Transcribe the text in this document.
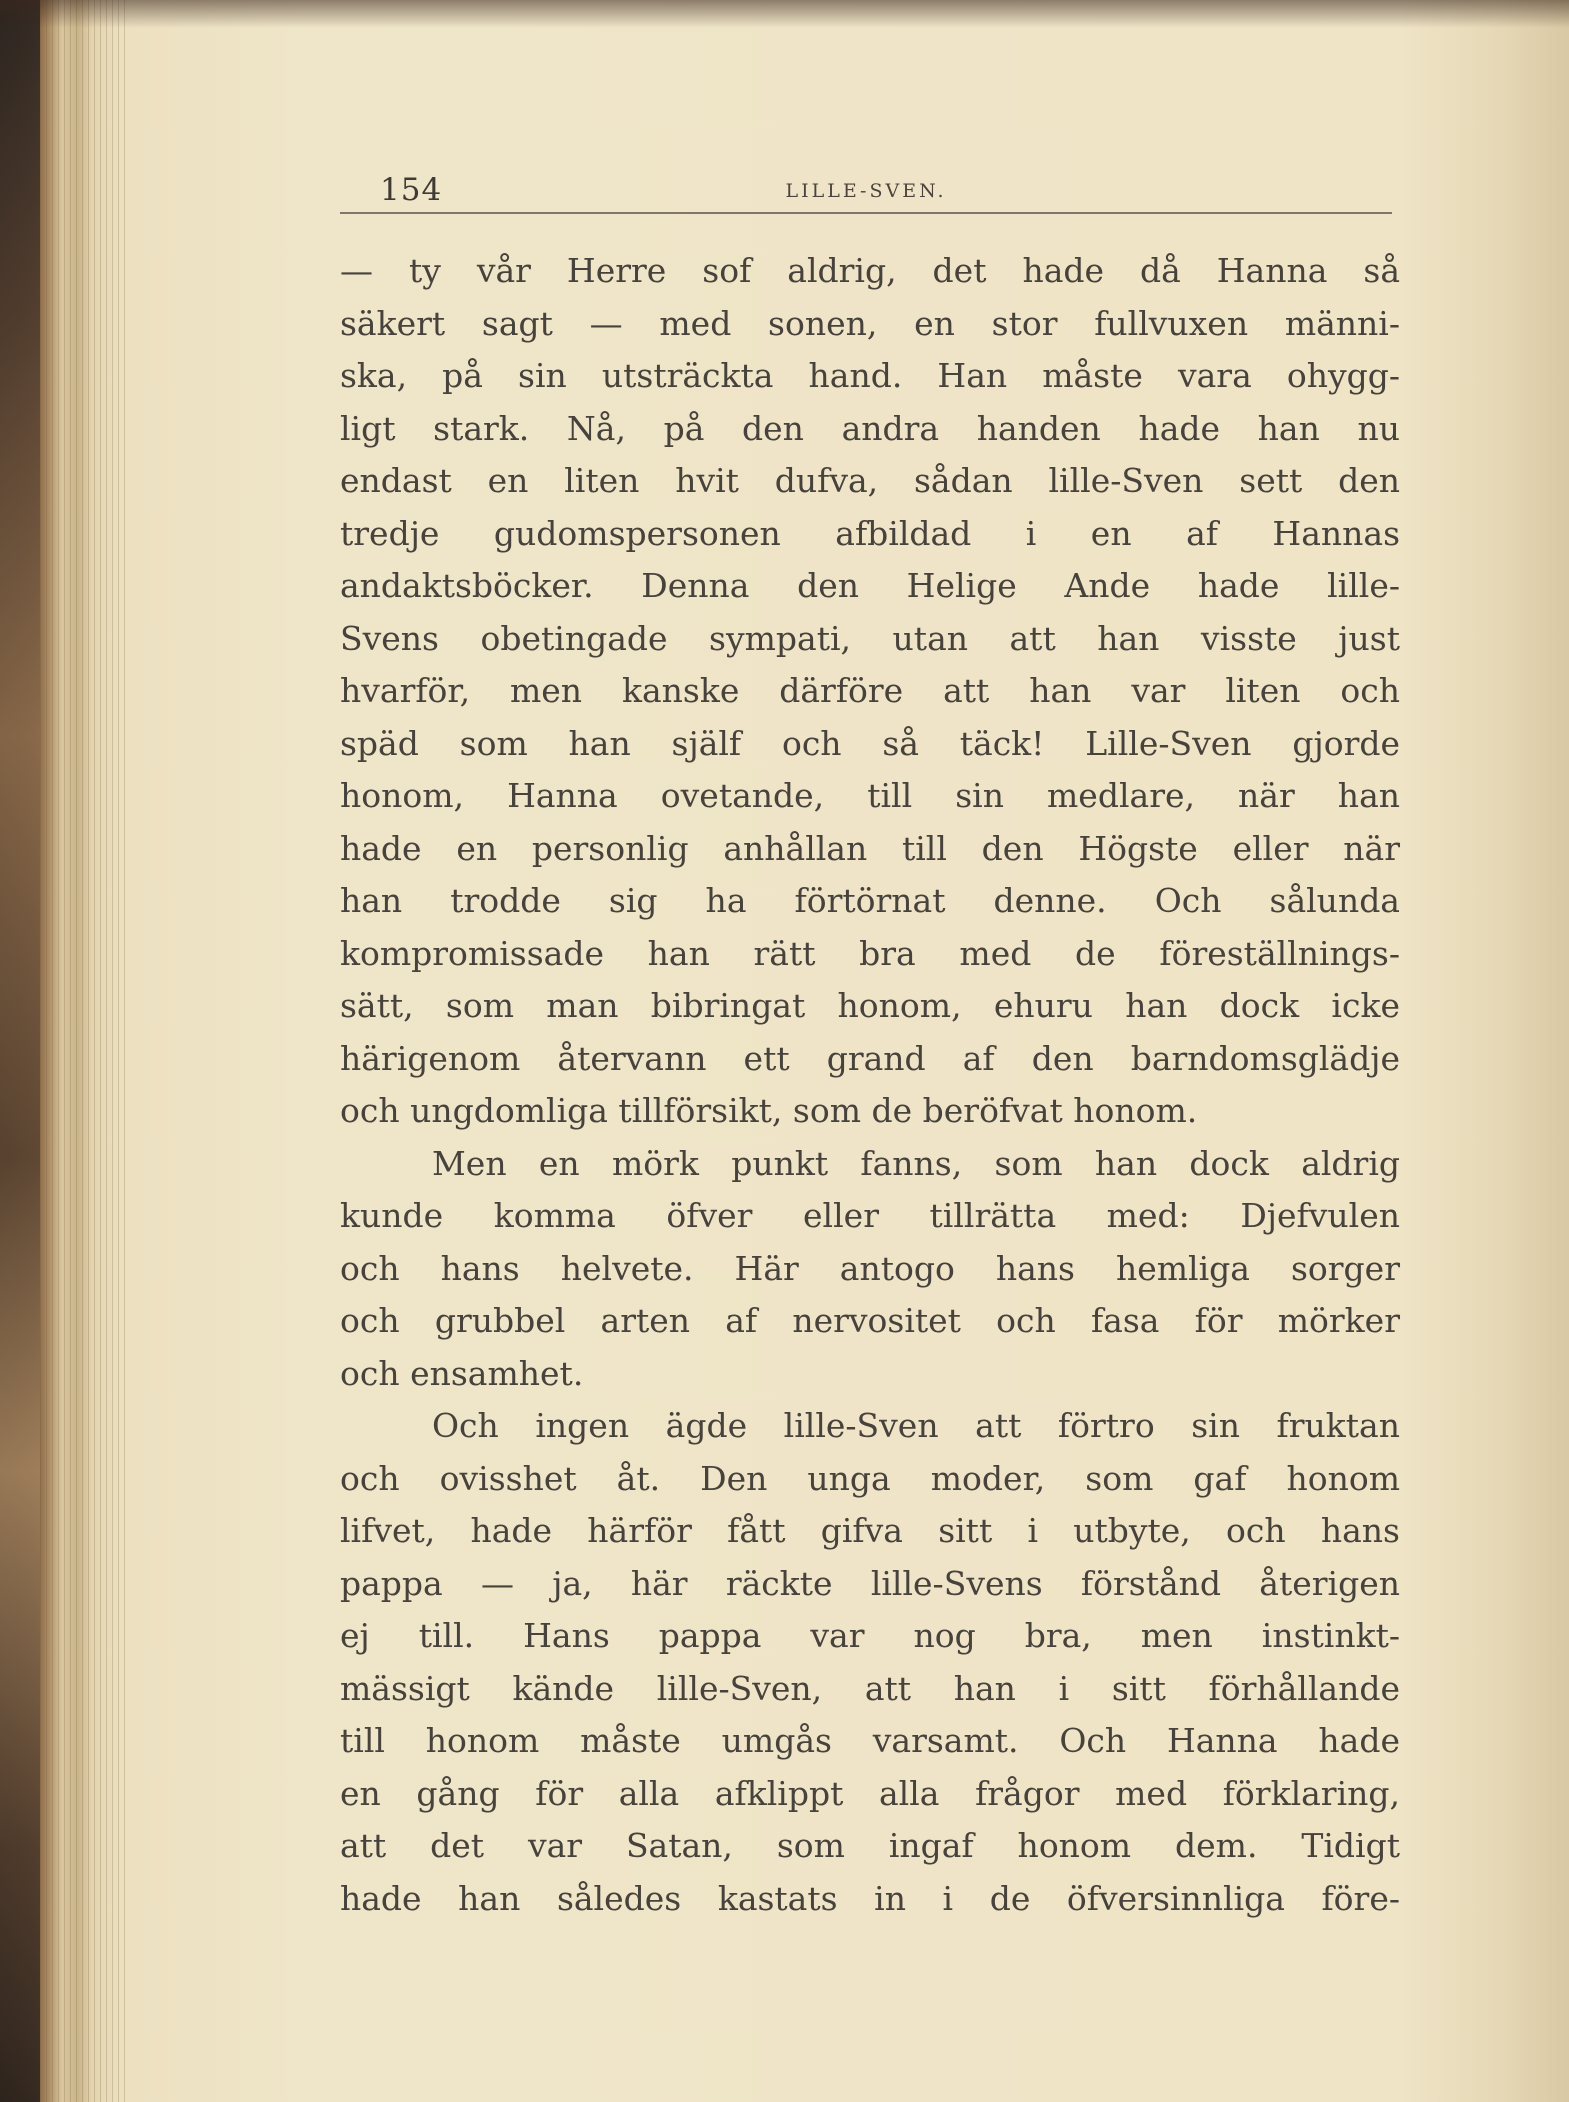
154	LILLE-SVEN.

— ty vår Herre sof aldrig, det hade då Hanna så
säkert sagt — med sonen, en stor fullvuxen männi-
ska, på sin utsträckta hand. Han måste vara ohygg-
ligt stark. Nå, på den andra handen hade han nu
endast en liten hvit dufva, sådan lille-Sven sett den
tredje gudomspersonen afbildad i en af Hannas
andaktsböcker. Denna den Helige Ande hade lille-
Svens obetingade sympati, utan att han visste just
hvarför, men kanske därföre att han var liten och
späd som han själf och så täck! Lille-Sven gjorde
honom, Hanna ovetande, till sin medlare, när han
hade en personlig anhållan till den Högste eller när
han trodde sig ha förtörnat denne. Och sålunda
kompromissade han rätt bra med de föreställnings-
sätt, som man bibringat honom, ehuru han dock icke
härigenom återvann ett grand af den barndomsglädje
och ungdomliga tillförsikt, som de beröfvat honom.

Men en mörk punkt fanns, som han dock aldrig
kunde komma öfver eller tillrätta med: Djefvulen
och hans helvete. Här antogo hans hemliga sorger
och grubbel arten af nervositet och fasa för mörker
och ensamhet.

Och ingen ägde lille-Sven att förtro sin fruktan
och ovisshet åt. Den unga moder, som gaf honom
lifvet, hade härför fått gifva sitt i utbyte, och hans
pappa — ja, här räckte lille-Svens förstånd återigen
ej till. Hans pappa var nog bra, men instinkt-
mässigt kände lille-Sven, att han i sitt förhållande
till honom måste umgås varsamt. Och Hanna hade
en gång för alla afklippt alla frågor med förklaring,
att det var Satan, som ingaf honom dem. Tidigt
hade han således kastats in i de öfversinnliga före-
